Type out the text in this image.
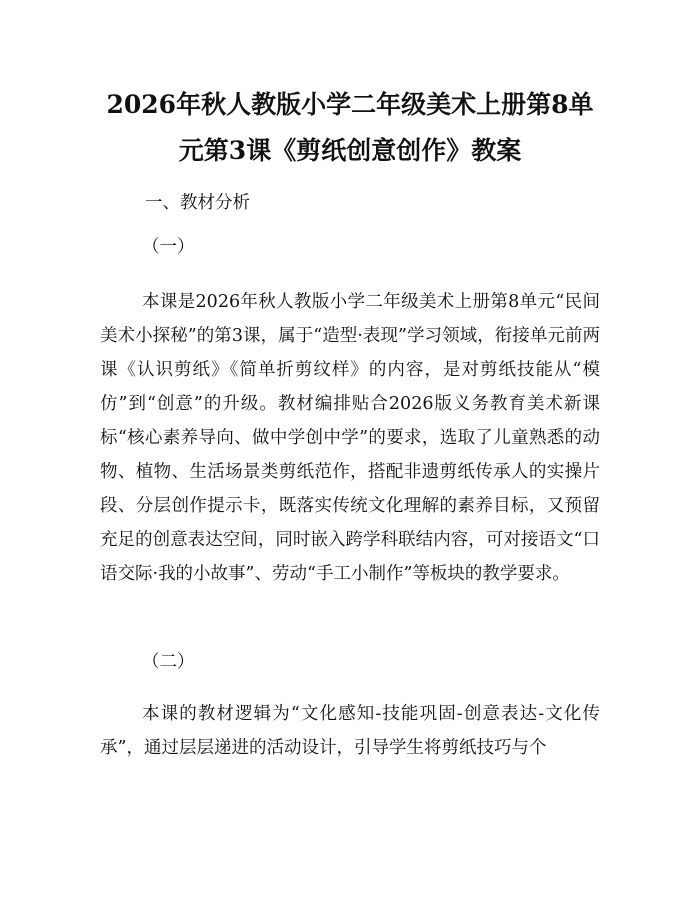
2026年秋人教版小学二年级美术上册第8单元第3课《剪纸创意创作》教案

一、教材分析

（一）

本课是2026年秋人教版小学二年级美术上册第8单元“民间美术小探秘”的第3课，属于“造型·表现”学习领域，衔接单元前两课《认识剪纸》《简单折剪纹样》的内容，是对剪纸技能从“模仿”到“创意”的升级。教材编排贴合2026版义务教育美术新课标“核心素养导向、做中学创中学”的要求，选取了儿童熟悉的动物、植物、生活场景类剪纸范作，搭配非遗剪纸传承人的实操片段、分层创作提示卡，既落实传统文化理解的素养目标，又预留充足的创意表达空间，同时嵌入跨学科联结内容，可对接语文“口语交际·我的小故事”、劳动“手工小制作”等板块的教学要求。

（二）

本课的教材逻辑为“文化感知-技能巩固-创意表达-文化传承”，通过层层递进的活动设计，引导学生将剪纸技巧与个
